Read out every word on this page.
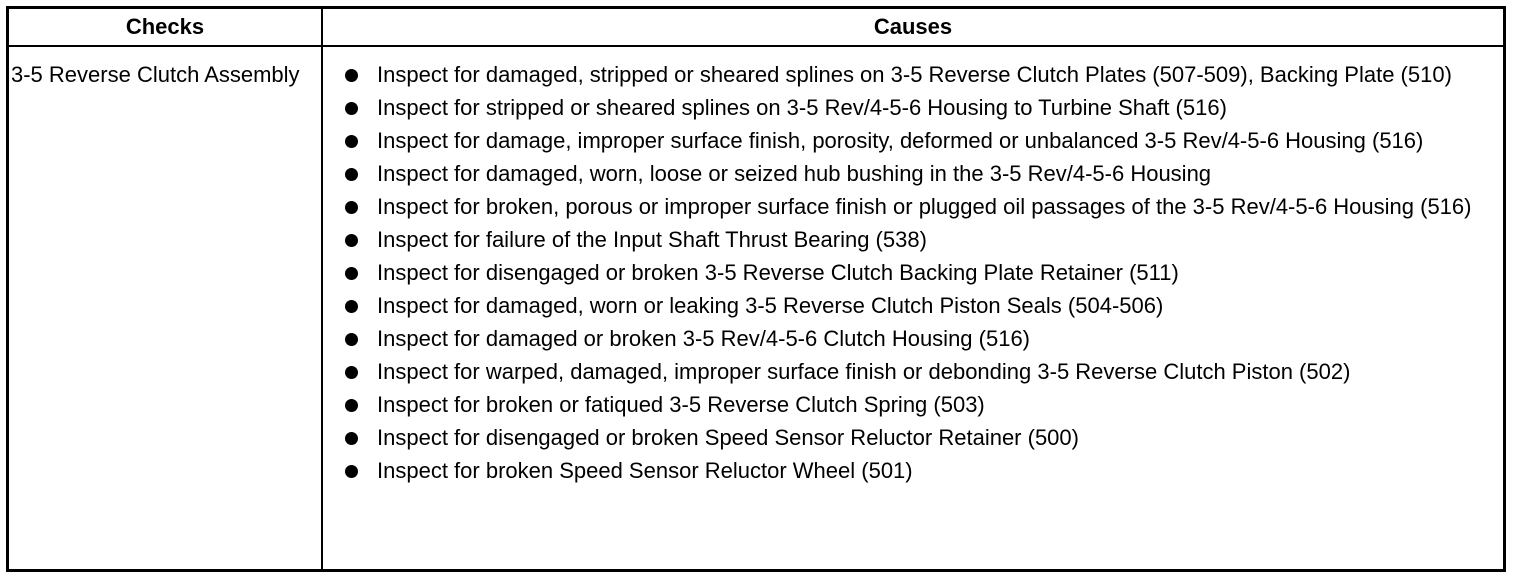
Checks	Causes
3-5 Reverse Clutch Assembly	Inspect for damaged, stripped or sheared splines on 3-5 Reverse Clutch Plates (507-509), Backing Plate (510)
Inspect for stripped or sheared splines on 3-5 Rev/4-5-6 Housing to Turbine Shaft (516)
Inspect for damage, improper surface finish, porosity, deformed or unbalanced 3-5 Rev/4-5-6 Housing (516)
Inspect for damaged, worn, loose or seized hub bushing in the 3-5 Rev/4-5-6 Housing
Inspect for broken, porous or improper surface finish or plugged oil passages of the 3-5 Rev/4-5-6 Housing (516)
Inspect for failure of the Input Shaft Thrust Bearing (538)
Inspect for disengaged or broken 3-5 Reverse Clutch Backing Plate Retainer (511)
Inspect for damaged, worn or leaking 3-5 Reverse Clutch Piston Seals (504-506)
Inspect for damaged or broken 3-5 Rev/4-5-6 Clutch Housing (516)
Inspect for warped, damaged, improper surface finish or debonding 3-5 Reverse Clutch Piston (502)
Inspect for broken or fatiqued 3-5 Reverse Clutch Spring (503)
Inspect for disengaged or broken Speed Sensor Reluctor Retainer (500)
Inspect for broken Speed Sensor Reluctor Wheel (501)
